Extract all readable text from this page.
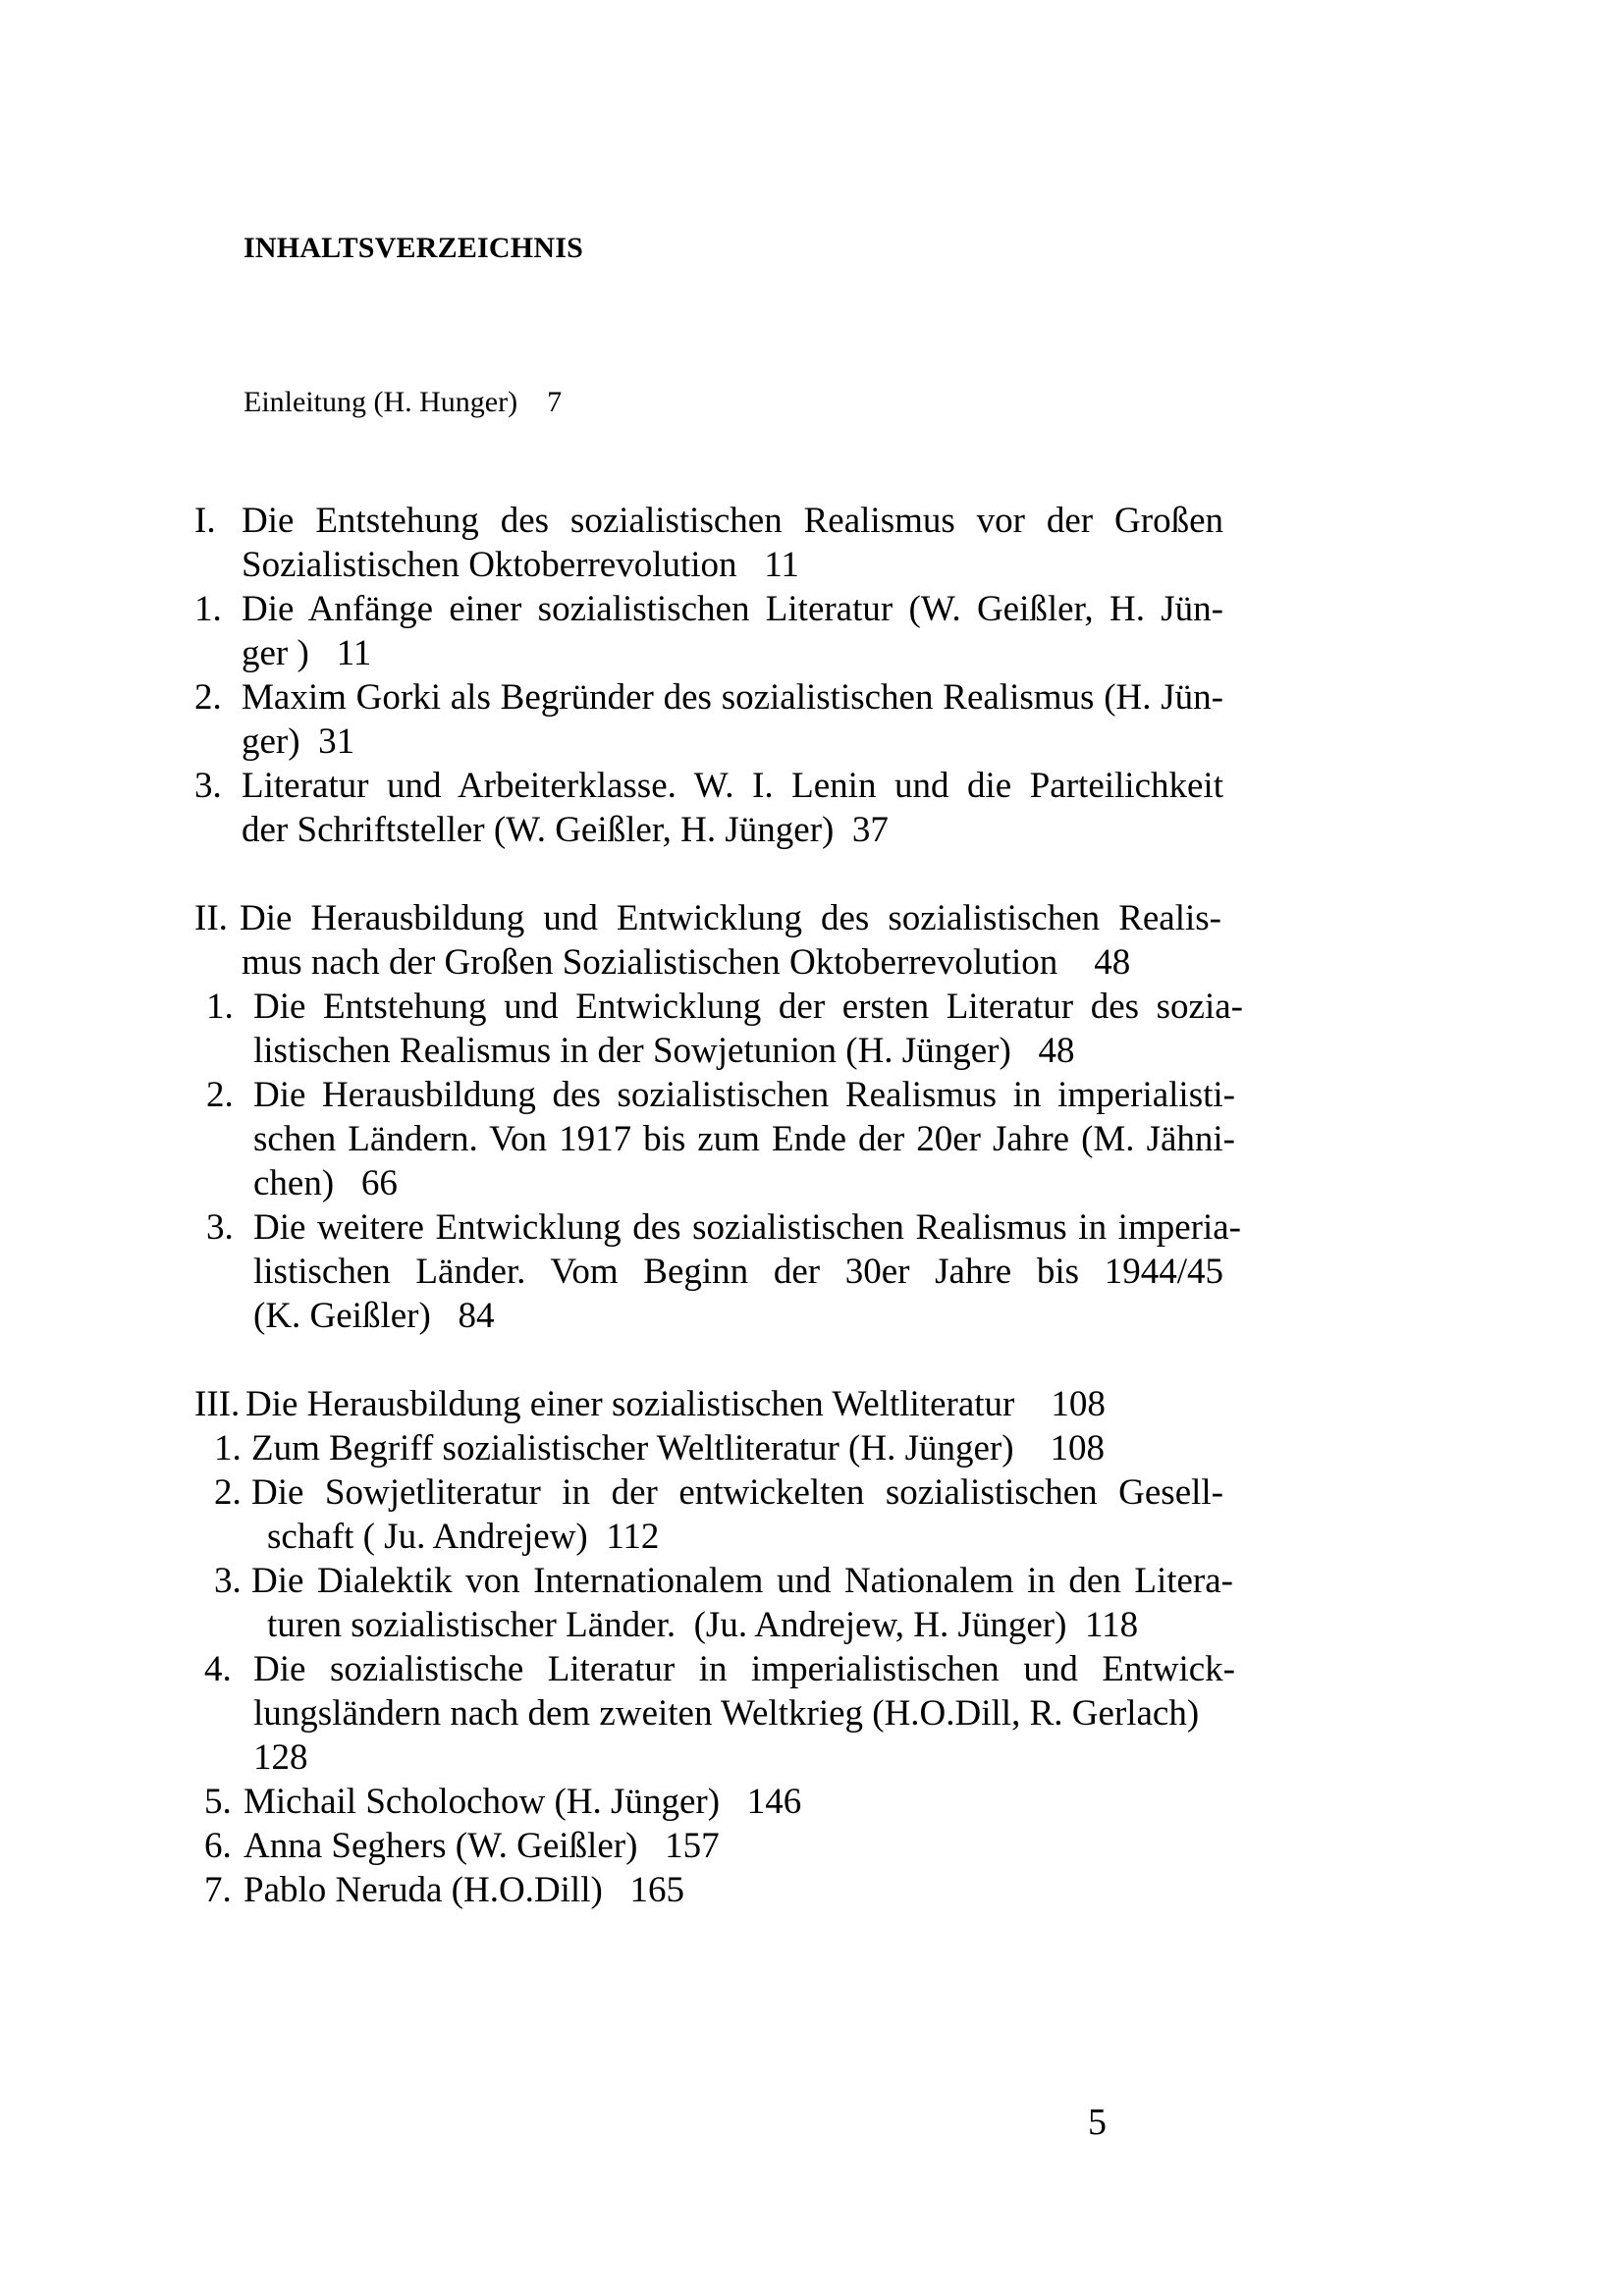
INHALTSVERZEICHNIS
Einleitung (H. Hunger)    7
I. Die Entstehung des sozialistischen Realismus vor der Großen
Sozialistischen Oktoberrevolution   11
1. Die Anfänge einer sozialistischen Literatur (W. Geißler, H. Jün-
ger )   11
2. Maxim Gorki als Begründer des sozialistischen Realismus (H. Jün-
ger)  31
3. Literatur und Arbeiterklasse. W. I. Lenin und die Parteilichkeit
der Schriftsteller (W. Geißler, H. Jünger)  37
II. Die Herausbildung und Entwicklung des sozialistischen Realis-
mus nach der Großen Sozialistischen Oktoberrevolution    48
1. Die Entstehung und Entwicklung der ersten Literatur des sozia-
listischen Realismus in der Sowjetunion (H. Jünger)   48
2. Die Herausbildung des sozialistischen Realismus in imperialisti-
schen Ländern. Von 1917 bis zum Ende der 20er Jahre (M. Jähni-
chen)   66
3. Die weitere Entwicklung des sozialistischen Realismus in imperia-
listischen Länder. Vom Beginn der 30er Jahre bis 1944/45
(K. Geißler)   84
III. Die Herausbildung einer sozialistischen Weltliteratur    108
1. Zum Begriff sozialistischer Weltliteratur (H. Jünger)    108
2. Die Sowjetliteratur in der entwickelten sozialistischen Gesell-
schaft ( Ju. Andrejew)  112
3. Die Dialektik von Internationalem und Nationalem in den Litera-
turen sozialistischer Länder.  (Ju. Andrejew, H. Jünger)  118
4. Die sozialistische Literatur in imperialistischen und Entwick-
lungsländern nach dem zweiten Weltkrieg (H.O.Dill, R. Gerlach)
128
5. Michail Scholochow (H. Jünger)   146
6. Anna Seghers (W. Geißler)   157
7. Pablo Neruda (H.O.Dill)   165
5
